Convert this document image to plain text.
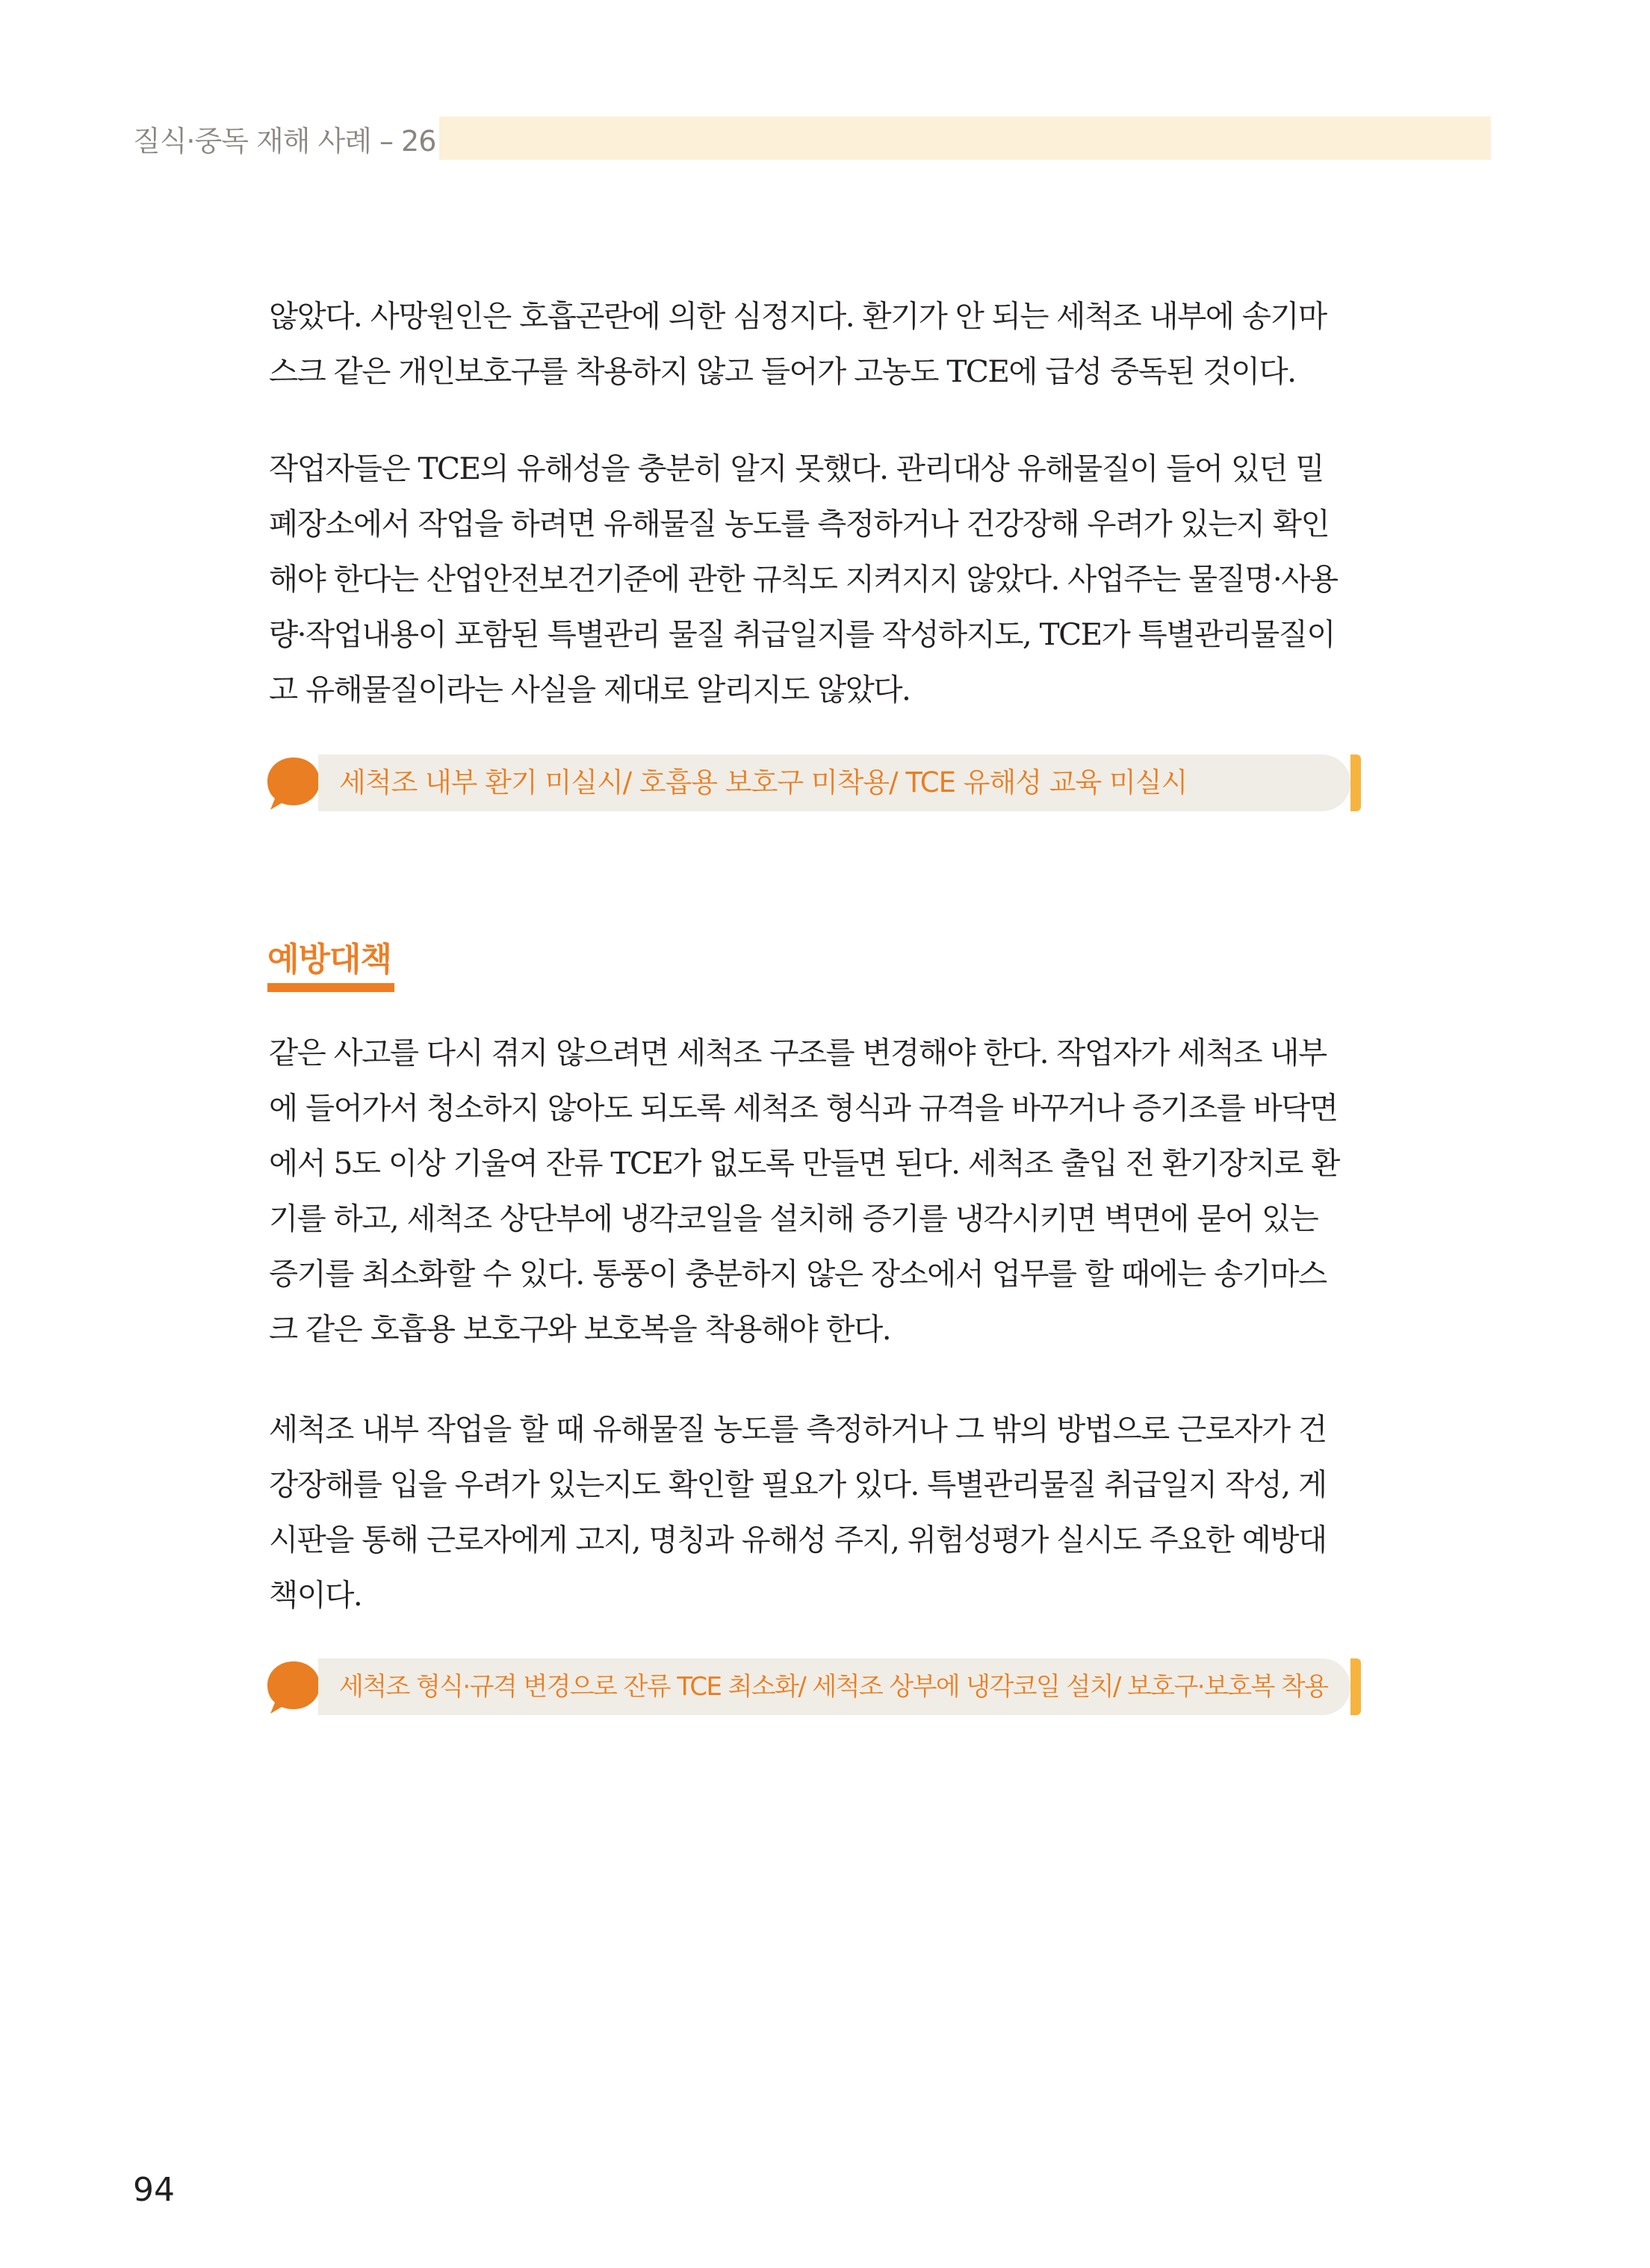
질식·중독 재해 사례 – 26

않았다. 사망원인은 호흡곤란에 의한 심정지다. 환기가 안 되는 세척조 내부에 송기마
스크 같은 개인보호구를 착용하지 않고 들어가 고농도 TCE에 급성 중독된 것이다.

작업자들은 TCE의 유해성을 충분히 알지 못했다. 관리대상 유해물질이 들어 있던 밀
폐장소에서 작업을 하려면 유해물질 농도를 측정하거나 건강장해 우려가 있는지 확인
해야 한다는 산업안전보건기준에 관한 규칙도 지켜지지 않았다. 사업주는 물질명·사용
량·작업내용이 포함된 특별관리 물질 취급일지를 작성하지도, TCE가 특별관리물질이
고 유해물질이라는 사실을 제대로 알리지도 않았다.

세척조 내부 환기 미실시/ 호흡용 보호구 미착용/ TCE 유해성 교육 미실시
예방대책

같은 사고를 다시 겪지 않으려면 세척조 구조를 변경해야 한다. 작업자가 세척조 내부
에 들어가서 청소하지 않아도 되도록 세척조 형식과 규격을 바꾸거나 증기조를 바닥면
에서 5도 이상 기울여 잔류 TCE가 없도록 만들면 된다. 세척조 출입 전 환기장치로 환
기를 하고, 세척조 상단부에 냉각코일을 설치해 증기를 냉각시키면 벽면에 묻어 있는
증기를 최소화할 수 있다. 통풍이 충분하지 않은 장소에서 업무를 할 때에는 송기마스
크 같은 호흡용 보호구와 보호복을 착용해야 한다.

세척조 내부 작업을 할 때 유해물질 농도를 측정하거나 그 밖의 방법으로 근로자가 건
강장해를 입을 우려가 있는지도 확인할 필요가 있다. 특별관리물질 취급일지 작성, 게
시판을 통해 근로자에게 고지, 명칭과 유해성 주지, 위험성평가 실시도 주요한 예방대
책이다.

세척조 형식·규격 변경으로 잔류 TCE 최소화/ 세척조 상부에 냉각코일 설치/ 보호구·보호복 착용
94
